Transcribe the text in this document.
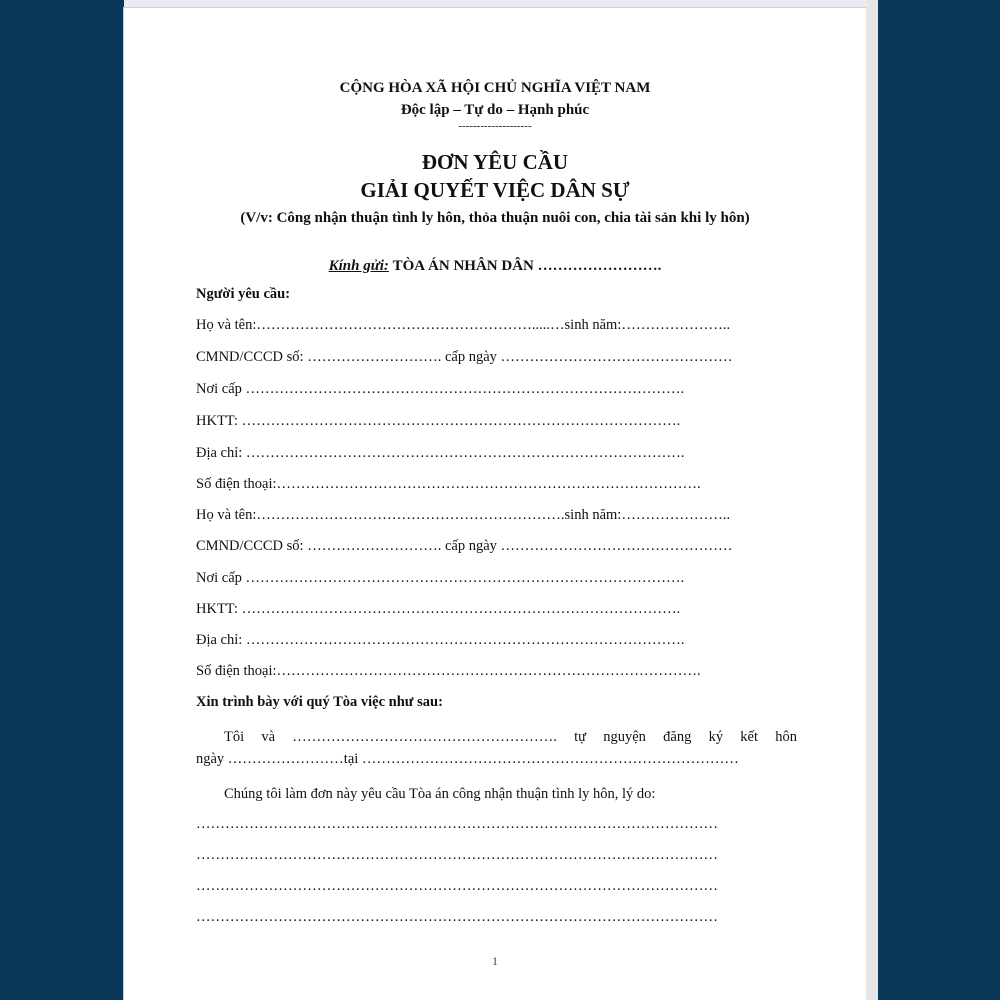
CỘNG HÒA XÃ HỘI CHỦ NGHĨA VIỆT NAM
Độc lập – Tự do – Hạnh phúc
--------------------
ĐƠN YÊU CẦU
GIẢI QUYẾT VIỆC DÂN SỰ
(V/v: Công nhận thuận tình ly hôn, thỏa thuận nuôi con, chia tài sản khi ly hôn)
Kính gửi: TÒA ÁN NHÂN DÂN …………………….
Người yêu cầu:
Họ và tên:………………………………………………….....…sinh năm:…………………..
CMND/CCCD số: ………………………. cấp ngày …………………………………………
Nơi cấp ……………………………………………………………………………….
HKTT: ……………………………………………………………………………….
Địa chỉ: ……………………………………………………………………………….
Số điện thoại:…………………………………………………………………………….
Họ và tên:……………………………………………………….sinh năm:…………………..
CMND/CCCD số: ………………………. cấp ngày …………………………………………
Nơi cấp ……………………………………………………………………………….
HKTT: ……………………………………………………………………………….
Địa chỉ: ……………………………………………………………………………….
Số điện thoại:…………………………………………………………………………….
Xin trình bày với quý Tòa việc như sau:
Tôi và ………………………………………………. tự nguyện đăng ký kết hôn
ngày ……………………tại ……………………………………………………………………
Chúng tôi làm đơn này yêu cầu Tòa án công nhận thuận tình ly hôn, lý do:
………………………………………………………………………………………………
………………………………………………………………………………………………
………………………………………………………………………………………………
………………………………………………………………………………………………
1
